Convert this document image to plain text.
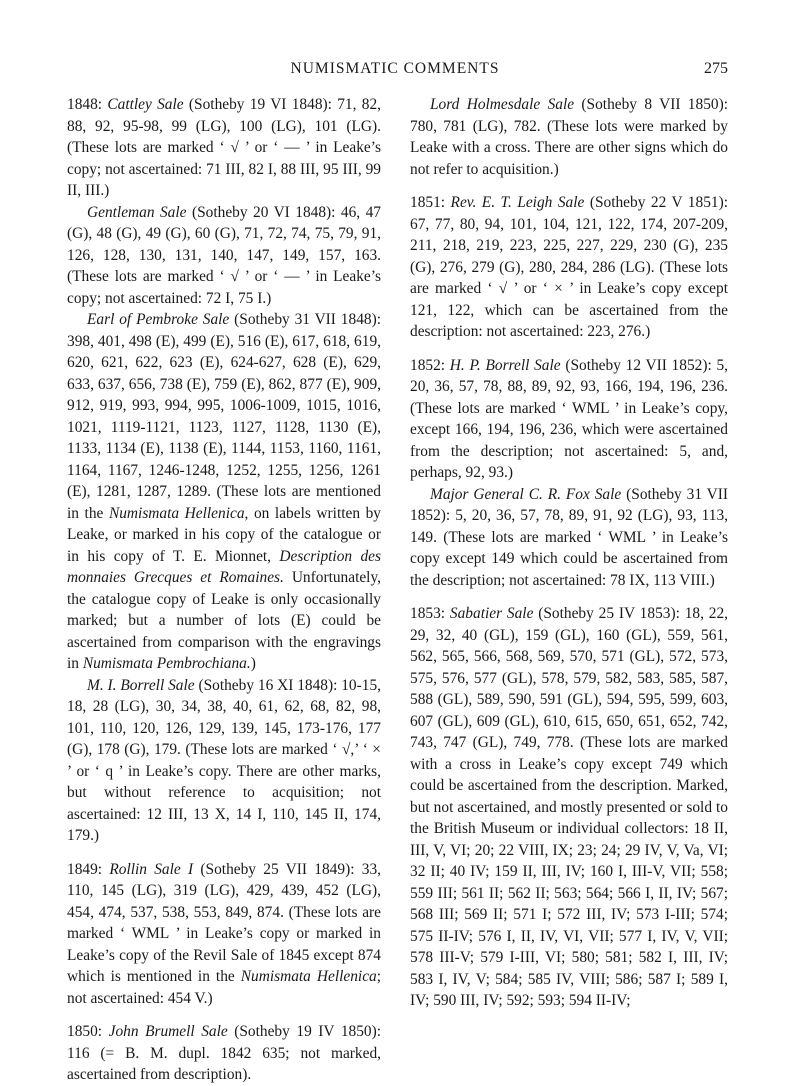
NUMISMATIC COMMENTS	275

1848: Cattley Sale (Sotheby 19 VI 1848): 71, 82, 88, 92, 95-98, 99 (LG), 100 (LG), 101 (LG). (These lots are marked ‘ √ ’ or ‘ — ’ in Leake’s copy; not ascertained: 71 III, 82 I, 88 III, 95 III, 99 II, III.)

Gentleman Sale (Sotheby 20 VI 1848): 46, 47 (G), 48 (G), 49 (G), 60 (G), 71, 72, 74, 75, 79, 91, 126, 128, 130, 131, 140, 147, 149, 157, 163. (These lots are marked ‘ √ ’ or ‘ — ’ in Leake’s copy; not ascertained: 72 I, 75 I.)

Earl of Pembroke Sale (Sotheby 31 VII 1848): 398, 401, 498 (E), 499 (E), 516 (E), 617, 618, 619, 620, 621, 622, 623 (E), 624-627, 628 (E), 629, 633, 637, 656, 738 (E), 759 (E), 862, 877 (E), 909, 912, 919, 993, 994, 995, 1006-1009, 1015, 1016, 1021, 1119-1121, 1123, 1127, 1128, 1130 (E), 1133, 1134 (E), 1138 (E), 1144, 1153, 1160, 1161, 1164, 1167, 1246-1248, 1252, 1255, 1256, 1261 (E), 1281, 1287, 1289. (These lots are mentioned in the Numismata Hellenica, on labels written by Leake, or marked in his copy of the catalogue or in his copy of T. E. Mionnet, Description des monnaies Grecques et Romaines. Unfortunately, the catalogue copy of Leake is only occasionally marked; but a number of lots (E) could be ascertained from comparison with the engravings in Numismata Pembrochiana.)

M. I. Borrell Sale (Sotheby 16 XI 1848): 10-15, 18, 28 (LG), 30, 34, 38, 40, 61, 62, 68, 82, 98, 101, 110, 120, 126, 129, 139, 145, 173-176, 177 (G), 178 (G), 179. (These lots are marked ‘ √,’ ‘ × ’ or ‘ q ’ in Leake’s copy. There are other marks, but without reference to acquisition; not ascertained: 12 III, 13 X, 14 I, 110, 145 II, 174, 179.)

1849: Rollin Sale I (Sotheby 25 VII 1849): 33, 110, 145 (LG), 319 (LG), 429, 439, 452 (LG), 454, 474, 537, 538, 553, 849, 874. (These lots are marked ‘ WML ’ in Leake’s copy or marked in Leake’s copy of the Revil Sale of 1845 except 874 which is mentioned in the Numismata Hellenica; not ascertained: 454 V.)

1850: John Brumell Sale (Sotheby 19 IV 1850): 116 (= B. M. dupl. 1842 635; not marked, ascertained from description).

Lord Holmesdale Sale (Sotheby 8 VII 1850): 780, 781 (LG), 782. (These lots were marked by Leake with a cross. There are other signs which do not refer to acquisition.)

1851: Rev. E. T. Leigh Sale (Sotheby 22 V 1851): 67, 77, 80, 94, 101, 104, 121, 122, 174, 207-209, 211, 218, 219, 223, 225, 227, 229, 230 (G), 235 (G), 276, 279 (G), 280, 284, 286 (LG). (These lots are marked ‘ √ ’ or ‘ × ’ in Leake’s copy except 121, 122, which can be ascertained from the description: not ascertained: 223, 276.)

1852: H. P. Borrell Sale (Sotheby 12 VII 1852): 5, 20, 36, 57, 78, 88, 89, 92, 93, 166, 194, 196, 236. (These lots are marked ‘ WML ’ in Leake’s copy, except 166, 194, 196, 236, which were ascertained from the description; not ascertained: 5, and, perhaps, 92, 93.)

Major General C. R. Fox Sale (Sotheby 31 VII 1852): 5, 20, 36, 57, 78, 89, 91, 92 (LG), 93, 113, 149. (These lots are marked ‘ WML ’ in Leake’s copy except 149 which could be ascertained from the description; not ascertained: 78 IX, 113 VIII.)

1853: Sabatier Sale (Sotheby 25 IV 1853): 18, 22, 29, 32, 40 (GL), 159 (GL), 160 (GL), 559, 561, 562, 565, 566, 568, 569, 570, 571 (GL), 572, 573, 575, 576, 577 (GL), 578, 579, 582, 583, 585, 587, 588 (GL), 589, 590, 591 (GL), 594, 595, 599, 603, 607 (GL), 609 (GL), 610, 615, 650, 651, 652, 742, 743, 747 (GL), 749, 778. (These lots are marked with a cross in Leake’s copy except 749 which could be ascertained from the description. Marked, but not ascertained, and mostly presented or sold to the British Museum or individual collectors: 18 II, III, V, VI; 20; 22 VIII, IX; 23; 24; 29 IV, V, Va, VI; 32 II; 40 IV; 159 II, III, IV; 160 I, III-V, VII; 558; 559 III; 561 II; 562 II; 563; 564; 566 I, II, IV; 567; 568 III; 569 II; 571 I; 572 III, IV; 573 I-III; 574; 575 II-IV; 576 I, II, IV, VI, VII; 577 I, IV, V, VII; 578 III-V; 579 I-III, VI; 580; 581; 582 I, III, IV; 583 I, IV, V; 584; 585 IV, VIII; 586; 587 I; 589 I, IV; 590 III, IV; 592; 593; 594 II-IV;
